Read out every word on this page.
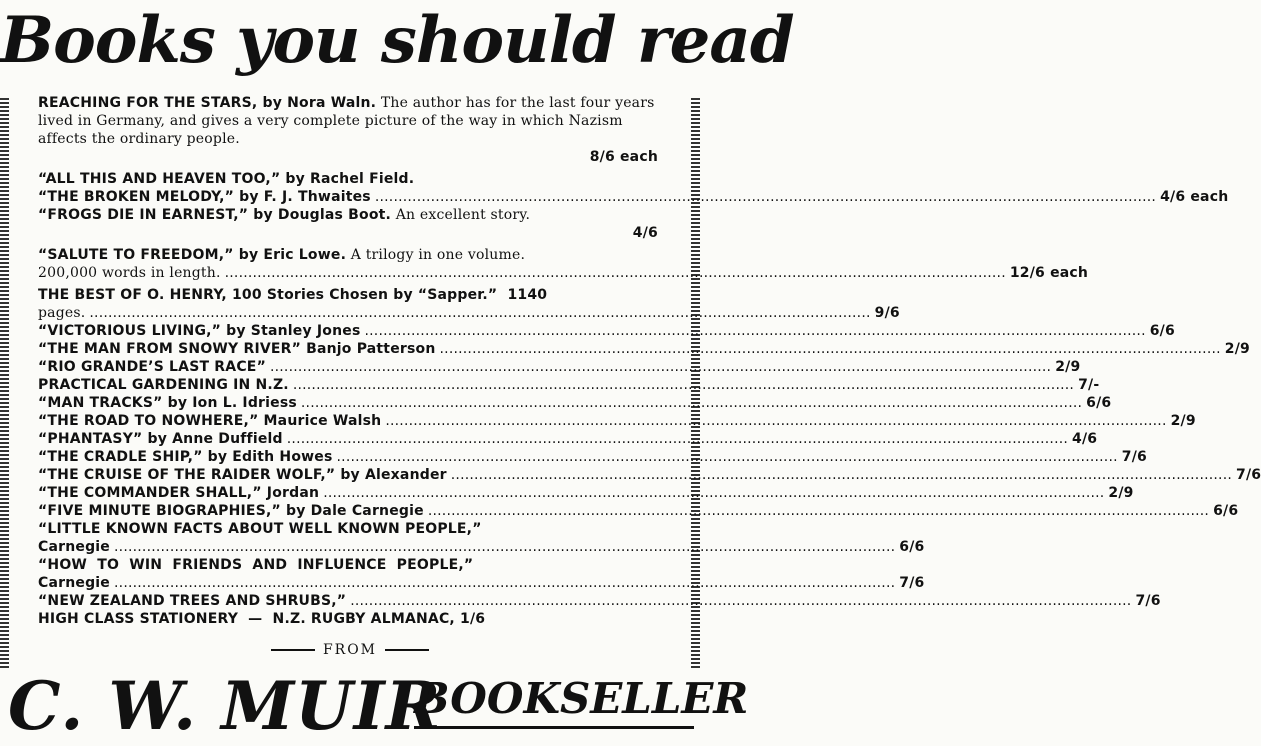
Books you should read
REACHING FOR THE STARS, by Nora Waln. The author has for the last four years lived in Germany, and gives a very complete picture of the way in which Nazism affects the ordinary people.
8/6 each
“ALL THIS AND HEAVEN TOO,” by Rachel Field.
“THE BROKEN MELODY,” by F. J. Thwaites .....	4/6 each
“FROGS DIE IN EARNEST,” by Douglas Boot. An excellent story.
4/6
“SALUTE TO FREEDOM,” by Eric Lowe. A trilogy in one volume.
200,000 words in length. .....	12/6 each
THE BEST OF O. HENRY, 100 Stories Chosen by “Sapper.”  1140
pages. .....	9/6
“VICTORIOUS LIVING,” by Stanley Jones .....	6/6
“THE MAN FROM SNOWY RIVER” Banjo Patterson .....	2/9
“RIO GRANDE’S LAST RACE” .....	2/9
PRACTICAL GARDENING IN N.Z. .....	7/-
“MAN TRACKS” by Ion L. Idriess .....	6/6
“THE ROAD TO NOWHERE,” Maurice Walsh .....	2/9
“PHANTASY” by Anne Duffield .....	4/6
“THE CRADLE SHIP,” by Edith Howes .....	7/6
“THE CRUISE OF THE RAIDER WOLF,” by Alexander .....	7/6
“THE COMMANDER SHALL,” Jordan .....	2/9
“FIVE MINUTE BIOGRAPHIES,” by Dale Carnegie .....	6/6
“LITTLE KNOWN FACTS ABOUT WELL KNOWN PEOPLE,”
Carnegie .....	6/6
“HOW  TO  WIN  FRIENDS  AND  INFLUENCE  PEOPLE,”
Carnegie .....	7/6
“NEW ZEALAND TREES AND SHRUBS,” .....	7/6
HIGH CLASS STATIONERY  —  N.Z. RUGBY ALMANAC, 1/6
FROM
C. W. MUIR
BOOKSELLER
